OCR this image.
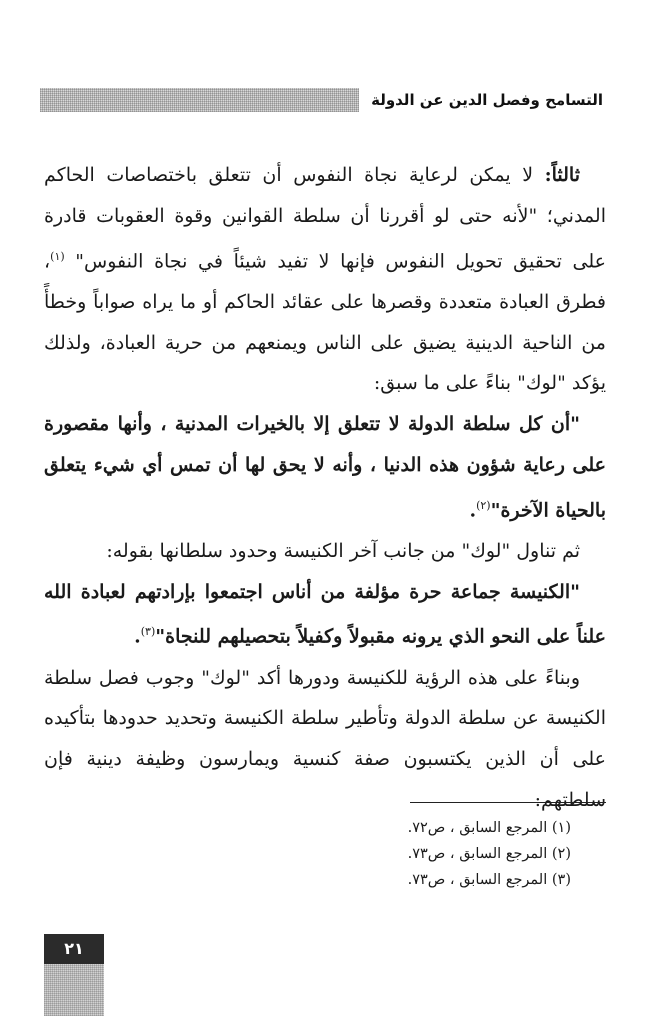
التسامح وفصل الدين عن الدولة

ثالثاً: لا يمكن لرعاية نجاة النفوس أن تتعلق باختصاصات الحاكم المدني؛ "لأنه حتى لو أقررنا أن سلطة القوانين وقوة العقوبات قادرة على تحقيق تحويل النفوس فإنها لا تفيد شيئاً في نجاة النفوس" $^{(١)}$، فطرق العبادة متعددة وقصرها على عقائد الحاكم أو ما يراه صواباً وخطأً من الناحية الدينية يضيق على الناس ويمنعهم من حرية العبادة، ولذلك يؤكد "لوك" بناءً على ما سبق:

"أن كل سلطة الدولة لا تتعلق إلا بالخيرات المدنية ، وأنها مقصورة على رعاية شؤون هذه الدنيا ، وأنه لا يحق لها أن تمس أي شيء يتعلق بالحياة الآخرة"$^{(٢)}$.

ثم تناول "لوك" من جانب آخر الكنيسة وحدود سلطانها بقوله:

"الكنيسة جماعة حرة مؤلفة من أناس اجتمعوا بإرادتهم لعبادة الله علناً على النحو الذي يرونه مقبولاً وكفيلاً بتحصيلهم للنجاة"$^{(٣)}$.

وبناءً على هذه الرؤية للكنيسة ودورها أكد "لوك" وجوب فصل سلطة الكنيسة عن سلطة الدولة وتأطير سلطة الكنيسة وتحديد حدودها بتأكيده على أن الذين يكتسبون صفة كنسية ويمارسون وظيفة دينية فإن سلطتهم:

(١) المرجع السابق ، ص٧٢.
(٢) المرجع السابق ، ص٧٣.
(٣) المرجع السابق ، ص٧٣.
٢١
